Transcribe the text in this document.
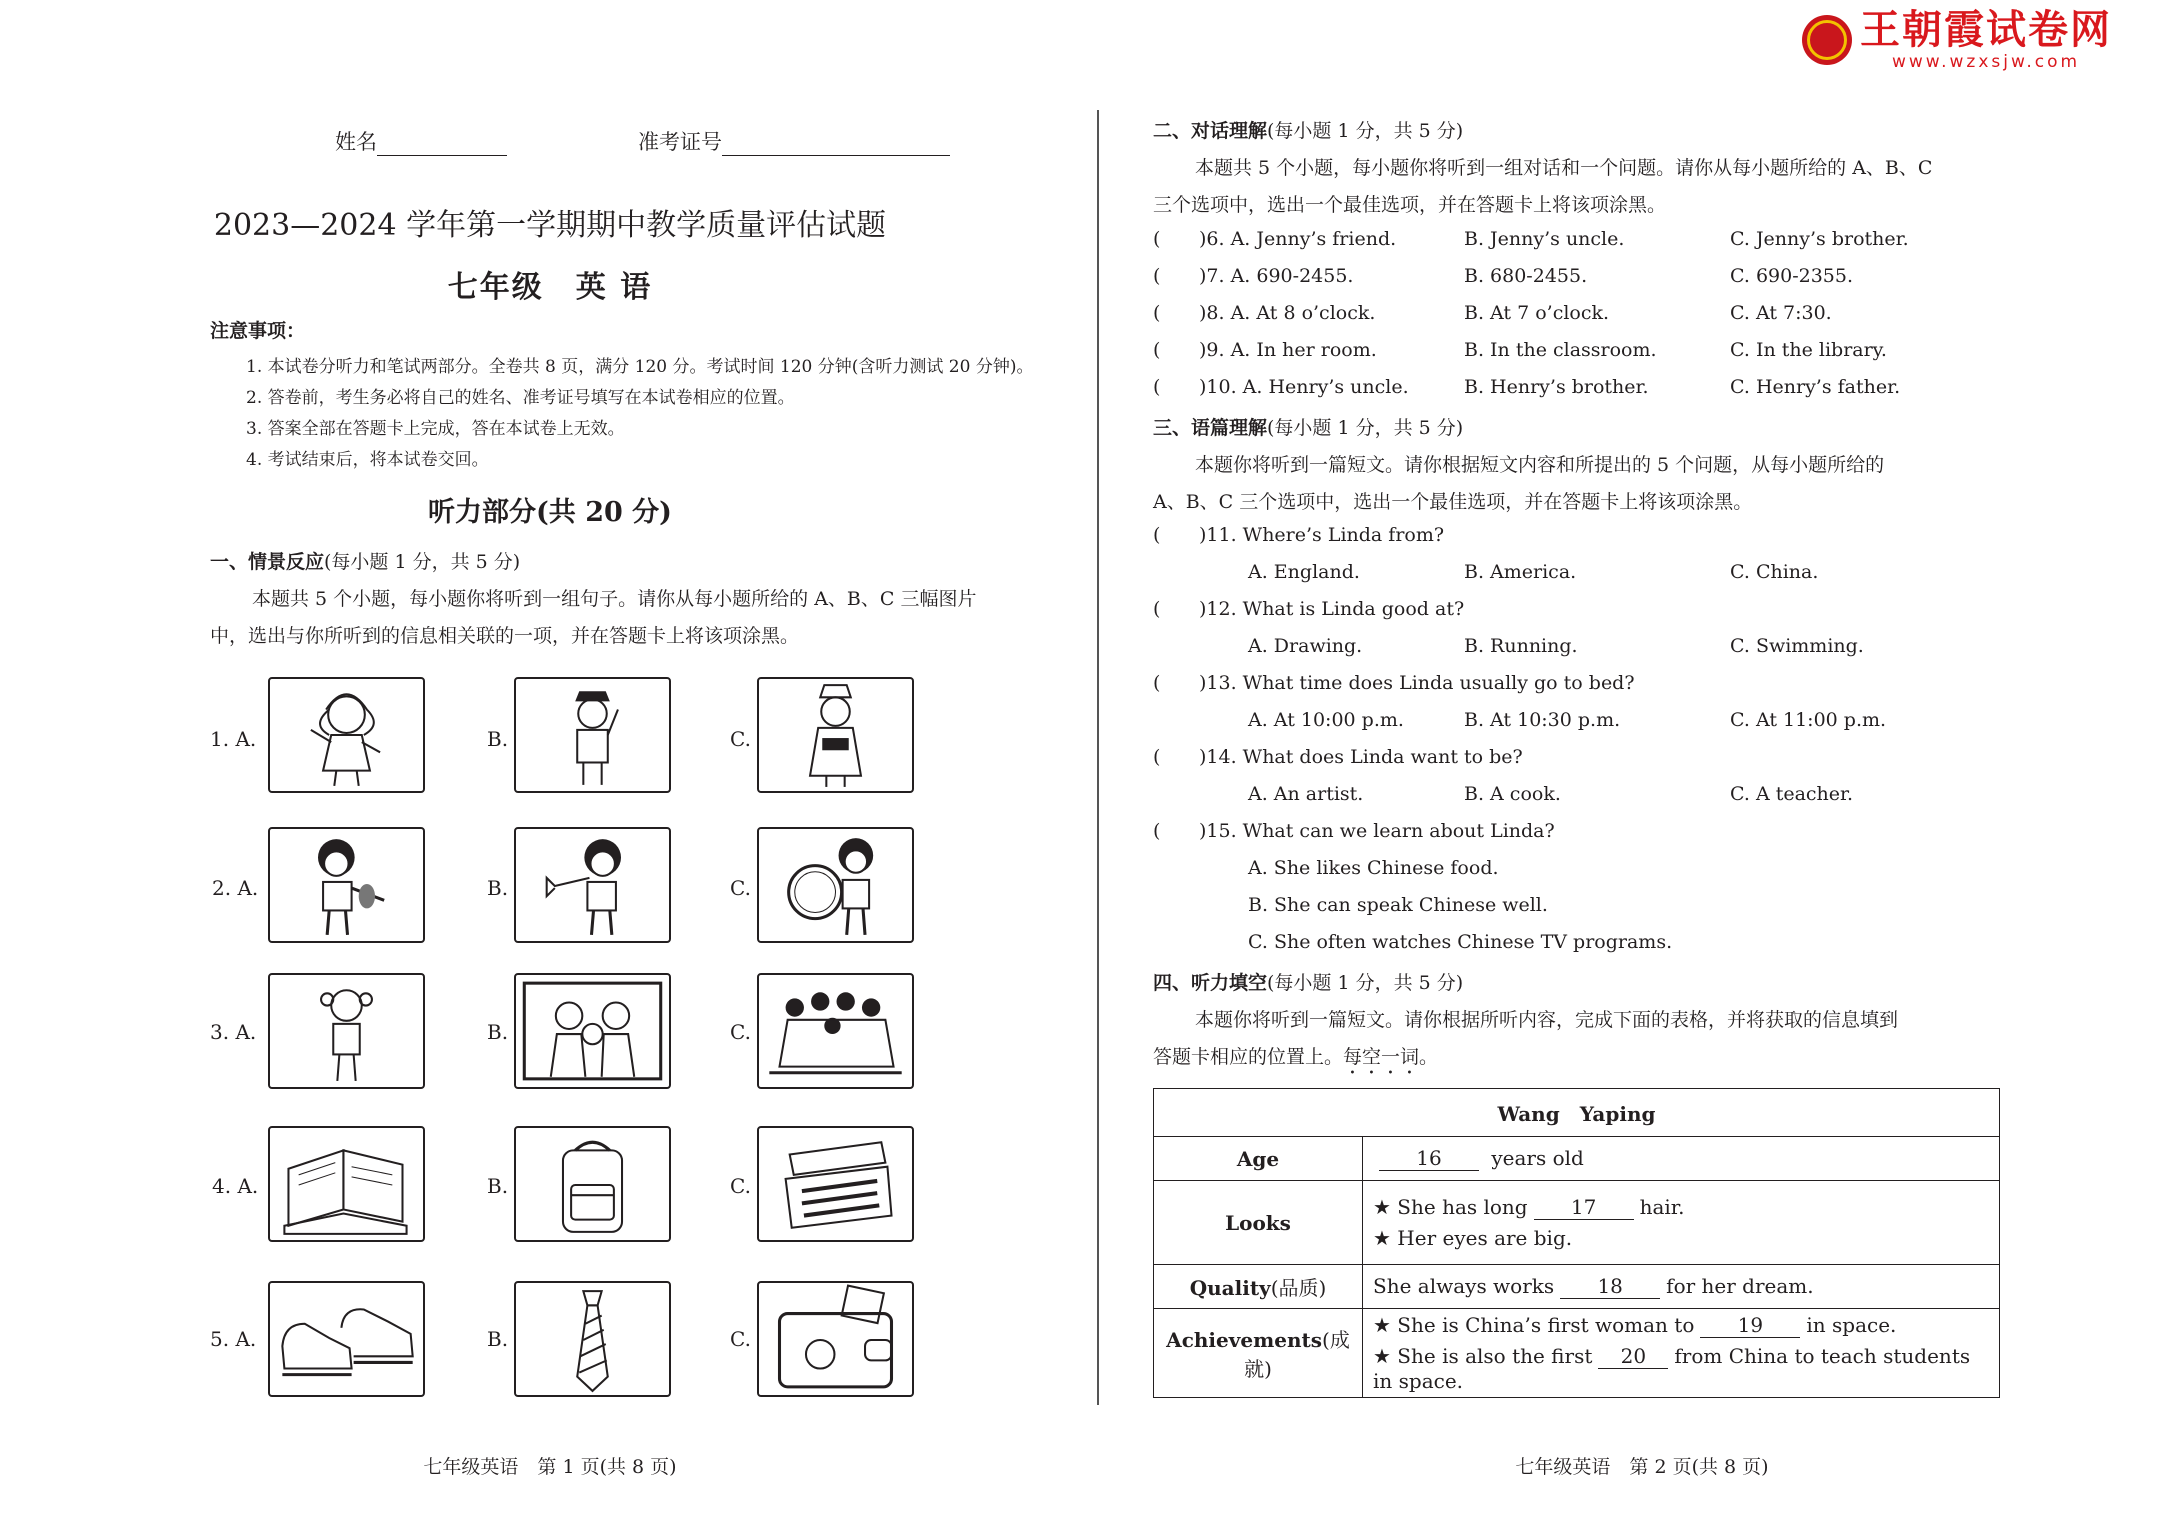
王朝霞试卷网
www.wzxsjw.com
姓名	准考证号
2023—2024 学年第一学期期中教学质量评估试题
七年级　英 语
注意事项：
1. 本试卷分听力和笔试两部分。全卷共 8 页，满分 120 分。考试时间 120 分钟(含听力测试 20 分钟)。
2. 答卷前，考生务必将自己的姓名、准考证号填写在本试卷相应的位置。
3. 答案全部在答题卡上完成，答在本试卷上无效。
4. 考试结束后，将本试卷交回。
听力部分(共 20 分)
一、情景反应(每小题 1 分，共 5 分)
本题共 5 个小题，每小题你将听到一组句子。请你从每小题所给的 A、B、C 三幅图片
中，选出与你所听到的信息相关联的一项，并在答题卡上将该项涂黑。
1. A.	B.	C.
2. A.	B.	C.
3. A.	B.	C.
4. A.	B.	C.
5. A.	B.	C.
七年级英语　第 1 页(共 8 页)
二、对话理解(每小题 1 分，共 5 分)
本题共 5 个小题，每小题你将听到一组对话和一个问题。请你从每小题所给的 A、B、C
三个选项中，选出一个最佳选项，并在答题卡上将该项涂黑。
( )6. A. Jenny’s friend.	B. Jenny’s uncle.	C. Jenny’s brother.
( )7. A. 690-2455.	B. 680-2455.	C. 690-2355.
( )8. A. At 8 o’clock.	B. At 7 o’clock.	C. At 7:30.
( )9. A. In her room.	B. In the classroom.	C. In the library.
( )10. A. Henry’s uncle.	B. Henry’s brother.	C. Henry’s father.
三、语篇理解(每小题 1 分，共 5 分)
本题你将听到一篇短文。请你根据短文内容和所提出的 5 个问题，从每小题所给的
A、B、C 三个选项中，选出一个最佳选项，并在答题卡上将该项涂黑。
( )11. Where’s Linda from?
A. England.	B. America.	C. China.
( )12. What is Linda good at?
A. Drawing.	B. Running.	C. Swimming.
( )13. What time does Linda usually go to bed?
A. At 10:00 p.m.	B. At 10:30 p.m.	C. At 11:00 p.m.
( )14. What does Linda want to be?
A. An artist.	B. A cook.	C. A teacher.
( )15. What can we learn about Linda?
A. She likes Chinese food.
B. She can speak Chinese well.
C. She often watches Chinese TV programs.
四、听力填空(每小题 1 分，共 5 分)
本题你将听到一篇短文。请你根据所听内容，完成下面的表格，并将获取的信息填到
答题卡相应的位置上。每空一词。
Wang　Yaping	
Age	16 years old
Looks	★ She has long 17 hair.
★ Her eyes are big.

Quality(品质)	She always works 18 for her dream.
Achievements(成就)	★ She is China’s first woman to 19 in space.
★ She is also the first 20 from China to teach students in space.
七年级英语　第 2 页(共 8 页)
